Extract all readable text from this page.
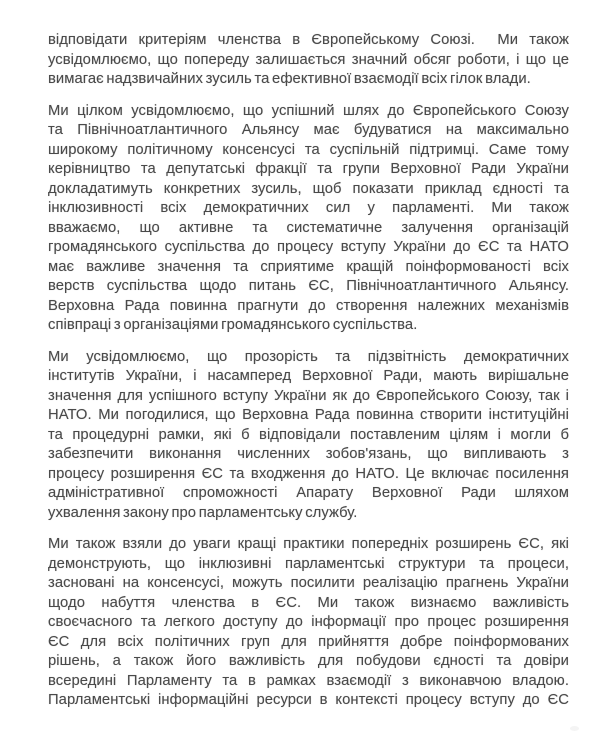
відповідати критеріям членства в Європейському Союзі.  Ми також
усвідомлюємо, що попереду залишається значний обсяг роботи, і що це
вимагає надзвичайних зусиль та ефективної взаємодії всіх гілок влади.

Ми цілком усвідомлюємо, що успішний шлях до Європейського Союзу
та Північноатлантичного Альянсу має будуватися на максимально
широкому політичному консенсусі та суспільній підтримці. Саме тому
керівництво та депутатські фракції та групи Верховної Ради України
докладатимуть конкретних зусиль, щоб показати приклад єдності та
інклюзивності всіх демократичних сил у парламенті. Ми також
вважаємо, що активне та систематичне залучення організацій
громадянського суспільства до процесу вступу України до ЄС та НАТО
має важливе значення та сприятиме кращій поінформованості всіх
верств суспільства щодо питань ЄС, Північноатлантичного Альянсу.
Верховна Рада повинна прагнути до створення належних механізмів
співпраці з організаціями громадянського суспільства.

Ми усвідомлюємо, що прозорість та підзвітність демократичних
інститутів України, і насамперед Верховної Ради, мають вирішальне
значення для успішного вступу України як до Європейського Союзу, так і
НАТО. Ми погодилися, що Верховна Рада повинна створити інституційні
та процедурні рамки, які б відповідали поставленим цілям і могли б
забезпечити виконання численних зобов'язань, що випливають з
процесу розширення ЄС та входження до НАТО. Це включає посилення
адміністративної спроможності Апарату Верховної Ради шляхом
ухвалення закону про парламентську службу.

Ми також взяли до уваги кращі практики попередніх розширень ЄС, які
демонструють, що інклюзивні парламентські структури та процеси,
засновані на консенсусі, можуть посилити реалізацію прагнень України
щодо набуття членства в ЄС. Ми також визнаємо важливість
своєчасного та легкого доступу до інформації про процес розширення
ЄС для всіх політичних груп для прийняття добре поінформованих
рішень, а також його важливість для побудови єдності та довіри
всередині Парламенту та в рамках взаємодії з виконавчою владою.
Парламентські інформаційні ресурси в контексті процесу вступу до ЄС
